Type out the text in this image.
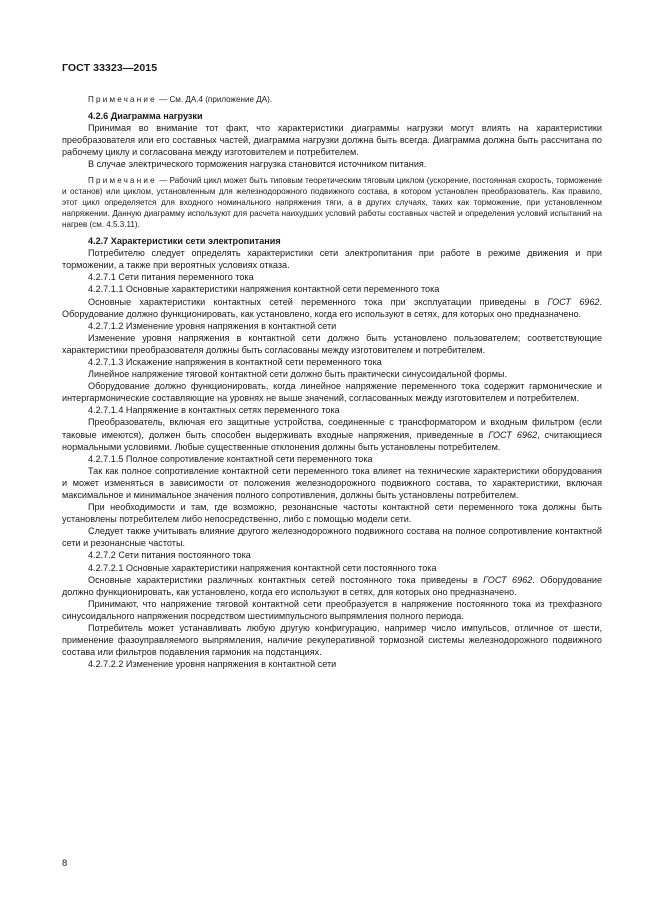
ГОСТ 33323—2015

Примечание — См. ДА.4 (приложение ДА).

4.2.6 Диаграмма нагрузки

Принимая во внимание тот факт, что характеристики диаграммы нагрузки могут влиять на характеристики преобразователя или его составных частей, диаграмма нагрузки должна быть всегда. Диаграмма должна быть рассчитана по рабочему циклу и согласована между изготовителем и потребителем.

В случае электрического торможения нагрузка становится источником питания.

Примечание — Рабочий цикл может быть типовым теоретическим тяговым циклом (ускорение, постоянная скорость, торможение и останов) или циклом, установленным для железнодорожного подвижного состава, в котором установлен преобразователь. Как правило, этот цикл определяется для входного номинального напряжения тяги, а в других случаях, таких как торможение, при установленном напряжении. Данную диаграмму используют для расчета наихудших условий работы составных частей и определения условий испытаний на нагрев (см. 4.5.3.11).

4.2.7 Характеристики сети электропитания

Потребителю следует определять характеристики сети электропитания при работе в режиме движения и при торможении, а также при вероятных условиях отказа.

4.2.7.1 Сети питания переменного тока

4.2.7.1.1 Основные характеристики напряжения контактной сети переменного тока

Основные характеристики контактных сетей переменного тока при эксплуатации приведены в ГОСТ 6962. Оборудование должно функционировать, как установлено, когда его используют в сетях, для которых оно предназначено.

4.2.7.1.2 Изменение уровня напряжения в контактной сети

Изменение уровня напряжения в контактной сети должно быть установлено пользователем; соответствующие характеристики преобразователя должны быть согласованы между изготовителем и потребителем.

4.2.7.1.3 Искажение напряжения в контактной сети переменного тока

Линейное напряжение тяговой контактной сети должно быть практически синусоидальной формы.

Оборудование должно функционировать, когда линейное напряжение переменного тока содержит гармонические и интергармонические составляющие на уровнях не выше значений, согласованных между изготовителем и потребителем.

4.2.7.1.4 Напряжение в контактных сетях переменного тока

Преобразователь, включая его защитные устройства, соединенные с трансформатором и входным фильтром (если таковые имеются), должен быть способен выдерживать входные напряжения, приведенные в ГОСТ 6962, считающиеся нормальными условиями. Любые существенные отклонения должны быть установлены потребителем.

4.2.7.1.5 Полное сопротивление контактной сети переменного тока

Так как полное сопротивление контактной сети переменного тока влияет на технические характеристики оборудования и может изменяться в зависимости от положения железнодорожного подвижного состава, то характеристики, включая максимальное и минимальное значения полного сопротивления, должны быть установлены потребителем.

При необходимости и там, где возможно, резонансные частоты контактной сети переменного тока должны быть установлены потребителем либо непосредственно, либо с помощью модели сети.

Следует также учитывать влияние другого железнодорожного подвижного состава на полное сопротивление контактной сети и резонансные частоты.

4.2.7.2 Сети питания постоянного тока

4.2.7.2.1 Основные характеристики напряжения контактной сети постоянного тока

Основные характеристики различных контактных сетей постоянного тока приведены в ГОСТ 6962. Оборудование должно функционировать, как установлено, когда его используют в сетях, для которых оно предназначено.

Принимают, что напряжение тяговой контактной сети преобразуется в напряжение постоянного тока из трехфазного синусоидального напряжения посредством шестиимпульсного выпрямления полного периода.

Потребитель может устанавливать любую другую конфигурацию, например число импульсов, отличное от шести, применение фазоуправляемого выпрямления, наличие рекуперативной тормозной системы железнодорожного подвижного состава или фильтров подавления гармоник на подстанциях.

4.2.7.2.2 Изменение уровня напряжения в контактной сети

8
